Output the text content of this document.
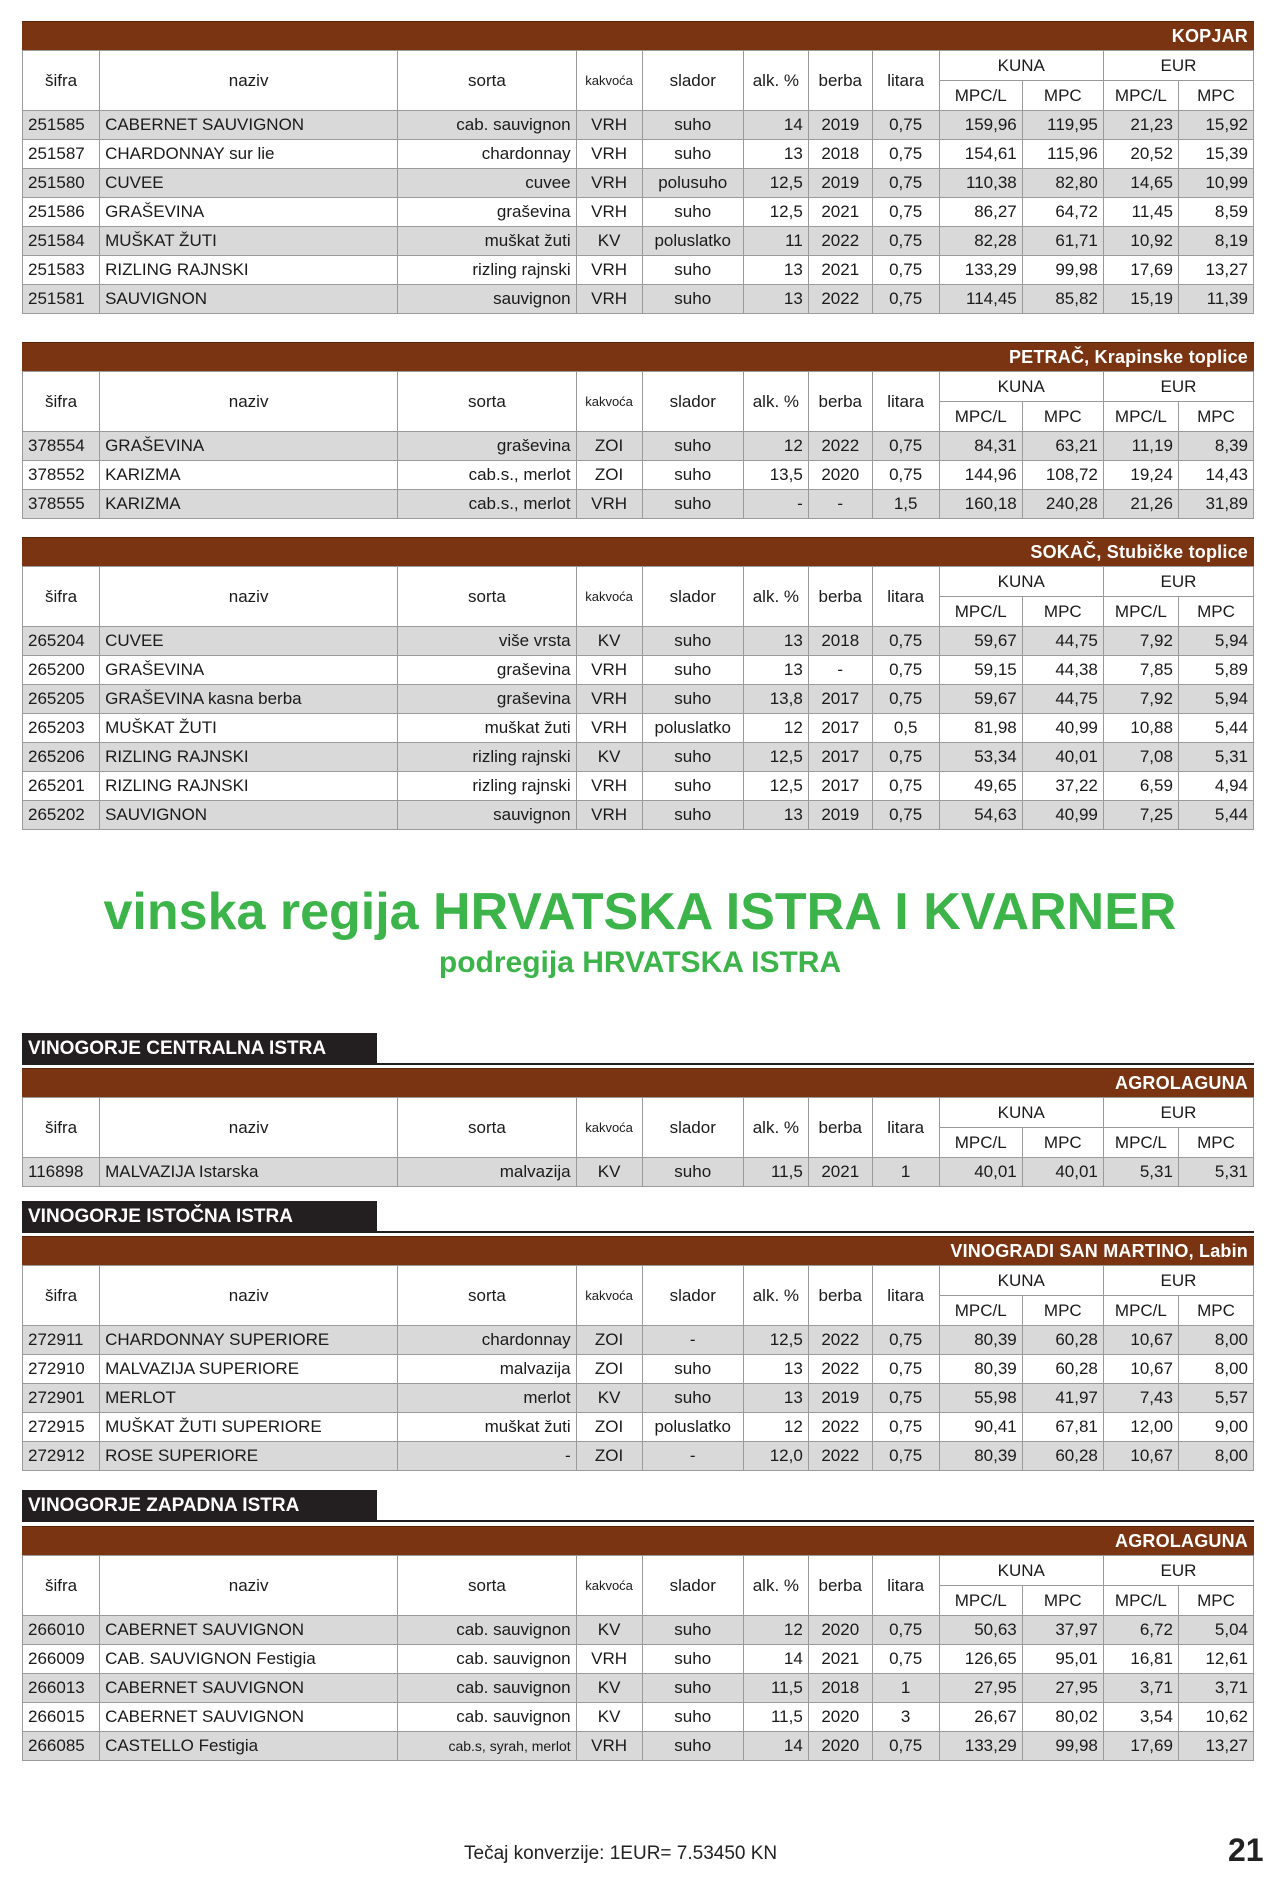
KOPJAR
šifra	naziv	sorta	kakvoća	slador	alk. %	berba	litara	KUNA		EUR	
								MPC/L	MPC	MPC/L	MPC
251585	CABERNET SAUVIGNON	cab. sauvignon	VRH	suho	14	2019	0,75	159,96	119,95	21,23	15,92
251587	CHARDONNAY sur lie	chardonnay	VRH	suho	13	2018	0,75	154,61	115,96	20,52	15,39
251580	CUVEE	cuvee	VRH	polusuho	12,5	2019	0,75	110,38	82,80	14,65	10,99
251586	GRAŠEVINA	graševina	VRH	suho	12,5	2021	0,75	86,27	64,72	11,45	8,59
251584	MUŠKAT ŽUTI	muškat žuti	KV	poluslatko	11	2022	0,75	82,28	61,71	10,92	8,19
251583	RIZLING RAJNSKI	rizling rajnski	VRH	suho	13	2021	0,75	133,29	99,98	17,69	13,27
251581	SAUVIGNON	sauvignon	VRH	suho	13	2022	0,75	114,45	85,82	15,19	11,39
PETRAČ, Krapinske toplice
šifra	naziv	sorta	kakvoća	slador	alk. %	berba	litara	KUNA		EUR	
								MPC/L	MPC	MPC/L	MPC
378554	GRAŠEVINA	graševina	ZOI	suho	12	2022	0,75	84,31	63,21	11,19	8,39
378552	KARIZMA	cab.s., merlot	ZOI	suho	13,5	2020	0,75	144,96	108,72	19,24	14,43
378555	KARIZMA	cab.s., merlot	VRH	suho	-	-	1,5	160,18	240,28	21,26	31,89
SOKAČ, Stubičke toplice
šifra	naziv	sorta	kakvoća	slador	alk. %	berba	litara	KUNA		EUR	
								MPC/L	MPC	MPC/L	MPC
265204	CUVEE	više vrsta	KV	suho	13	2018	0,75	59,67	44,75	7,92	5,94
265200	GRAŠEVINA	graševina	VRH	suho	13	-	0,75	59,15	44,38	7,85	5,89
265205	GRAŠEVINA kasna berba	graševina	VRH	suho	13,8	2017	0,75	59,67	44,75	7,92	5,94
265203	MUŠKAT ŽUTI	muškat žuti	VRH	poluslatko	12	2017	0,5	81,98	40,99	10,88	5,44
265206	RIZLING RAJNSKI	rizling rajnski	KV	suho	12,5	2017	0,75	53,34	40,01	7,08	5,31
265201	RIZLING RAJNSKI	rizling rajnski	VRH	suho	12,5	2017	0,75	49,65	37,22	6,59	4,94
265202	SAUVIGNON	sauvignon	VRH	suho	13	2019	0,75	54,63	40,99	7,25	5,44
vinska regija HRVATSKA ISTRA I KVARNER
podregija HRVATSKA ISTRA
VINOGORJE CENTRALNA ISTRA
AGROLAGUNA
šifra	naziv	sorta	kakvoća	slador	alk. %	berba	litara	KUNA		EUR	
								MPC/L	MPC	MPC/L	MPC
116898	MALVAZIJA Istarska	malvazija	KV	suho	11,5	2021	1	40,01	40,01	5,31	5,31
VINOGORJE ISTOČNA ISTRA
VINOGRADI SAN MARTINO, Labin
šifra	naziv	sorta	kakvoća	slador	alk. %	berba	litara	KUNA		EUR	
								MPC/L	MPC	MPC/L	MPC
272911	CHARDONNAY SUPERIORE	chardonnay	ZOI	-	12,5	2022	0,75	80,39	60,28	10,67	8,00
272910	MALVAZIJA SUPERIORE	malvazija	ZOI	suho	13	2022	0,75	80,39	60,28	10,67	8,00
272901	MERLOT	merlot	KV	suho	13	2019	0,75	55,98	41,97	7,43	5,57
272915	MUŠKAT ŽUTI SUPERIORE	muškat žuti	ZOI	poluslatko	12	2022	0,75	90,41	67,81	12,00	9,00
272912	ROSE SUPERIORE	-	ZOI	-	12,0	2022	0,75	80,39	60,28	10,67	8,00
VINOGORJE ZAPADNA ISTRA
AGROLAGUNA
šifra	naziv	sorta	kakvoća	slador	alk. %	berba	litara	KUNA		EUR	
								MPC/L	MPC	MPC/L	MPC
266010	CABERNET SAUVIGNON	cab. sauvignon	KV	suho	12	2020	0,75	50,63	37,97	6,72	5,04
266009	CAB. SAUVIGNON Festigia	cab. sauvignon	VRH	suho	14	2021	0,75	126,65	95,01	16,81	12,61
266013	CABERNET SAUVIGNON	cab. sauvignon	KV	suho	11,5	2018	1	27,95	27,95	3,71	3,71
266015	CABERNET SAUVIGNON	cab. sauvignon	KV	suho	11,5	2020	3	26,67	80,02	3,54	10,62
266085	CASTELLO Festigia	cab.s, syrah, merlot	VRH	suho	14	2020	0,75	133,29	99,98	17,69	13,27
Tečaj konverzije: 1EUR= 7.53450 KN	21
